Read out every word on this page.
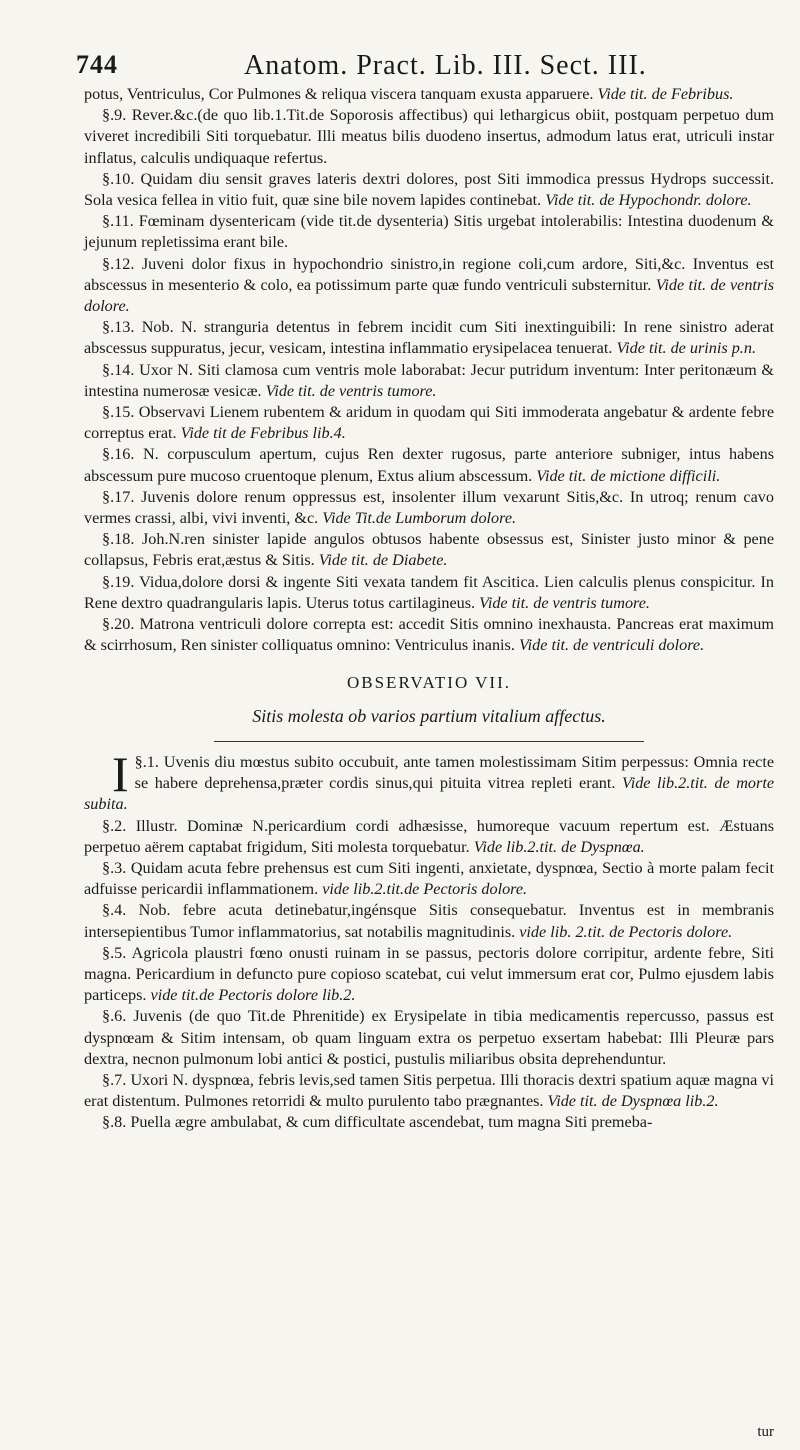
744	Anatom. Pract. Lib. III. Sect. III.

potus, Ventriculus, Cor Pulmones & reliqua viscera tanquam exusta apparuere. Vide tit. de Febribus.

§.9. Rever.&c.(de quo lib.1.Tit.de Soporosis affectibus) qui lethargicus obiit, postquam perpetuo dum viveret incredibili Siti torquebatur. Illi meatus bilis duodeno insertus, admodum latus erat, utriculi instar inflatus, calculis undiquaque refertus.

§.10. Quidam diu sensit graves lateris dextri dolores, post Siti immodica pressus Hydrops successit. Sola vesica fellea in vitio fuit, quæ sine bile novem lapides continebat. Vide tit. de Hypochondr. dolore.

§.11. Fœminam dysentericam (vide tit.de dysenteria) Sitis urgebat intolerabilis: Intestina duodenum & jejunum repletissima erant bile.

§.12. Juveni dolor fixus in hypochondrio sinistro,in regione coli,cum ardore, Siti,&c. Inventus est abscessus in mesenterio & colo, ea potissimum parte quæ fundo ventriculi substernitur. Vide tit. de ventris dolore.

§.13. Nob. N. stranguria detentus in febrem incidit cum Siti inextinguibili: In rene sinistro aderat abscessus suppuratus, jecur, vesicam, intestina inflammatio erysipelacea tenuerat. Vide tit. de urinis p.n.

§.14. Uxor N. Siti clamosa cum ventris mole laborabat: Jecur putridum inventum: Inter peritonæum & intestina numerosæ vesicæ. Vide tit. de ventris tumore.

§.15. Observavi Lienem rubentem & aridum in quodam qui Siti immoderata angebatur & ardente febre correptus erat. Vide tit de Febribus lib.4.

§.16. N. corpusculum apertum, cujus Ren dexter rugosus, parte anteriore subniger, intus habens abscessum pure mucoso cruentoque plenum, Extus alium abscessum. Vide tit. de mictione difficili.

§.17. Juvenis dolore renum oppressus est, insolenter illum vexarunt Sitis,&c. In utroq; renum cavo vermes crassi, albi, vivi inventi, &c. Vide Tit.de Lumborum dolore.

§.18. Joh.N.ren sinister lapide angulos obtusos habente obsessus est, Sinister justo minor & pene collapsus, Febris erat,æstus & Sitis. Vide tit. de Diabete.

§.19. Vidua,dolore dorsi & ingente Siti vexata tandem fit Ascitica. Lien calculis plenus conspicitur. In Rene dextro quadrangularis lapis. Uterus totus cartilagineus. Vide tit. de ventris tumore.

§.20. Matrona ventriculi dolore correpta est: accedit Sitis omnino inexhausta. Pancreas erat maximum & scirrhosum, Ren sinister colliquatus omnino: Ventriculus inanis. Vide tit. de ventriculi dolore.

OBSERVATIO VII.
Sitis molesta ob varios partium vitalium affectus.

§.1.
I Uvenis diu mœstus subito occubuit, ante tamen molestissimam Sitim perpessus: Omnia recte se habere deprehensa,præter cordis sinus,qui pituita vitrea repleti erant. Vide lib.2.tit. de morte subita.

§.2. Illustr. Dominæ N.pericardium cordi adhæsisse, humoreque vacuum repertum est. Æstuans perpetuo aërem captabat frigidum, Siti molesta torquebatur. Vide lib.2.tit. de Dyspnœa.

§.3. Quidam acuta febre prehensus est cum Siti ingenti, anxietate, dyspnœa, Sectio à morte palam fecit adfuisse pericardii inflammationem. vide lib.2.tit.de Pectoris dolore.

§.4. Nob. febre acuta detinebatur,ingénsque Sitis consequebatur. Inventus est in membranis intersepientibus Tumor inflammatorius, sat notabilis magnitudinis. vide lib. 2.tit. de Pectoris dolore.

§.5. Agricola plaustri fœno onusti ruinam in se passus, pectoris dolore corripitur, ardente febre, Siti magna. Pericardium in defuncto pure copioso scatebat, cui velut immersum erat cor, Pulmo ejusdem labis particeps. vide tit.de Pectoris dolore lib.2.

§.6. Juvenis (de quo Tit.de Phrenitide) ex Erysipelate in tibia medicamentis repercusso, passus est dyspnœam & Sitim intensam, ob quam linguam extra os perpetuo exsertam habebat: Illi Pleuræ pars dextra, necnon pulmonum lobi antici & postici, pustulis miliaribus obsita deprehenduntur.

§.7. Uxori N. dyspnœa, febris levis,sed tamen Sitis perpetua. Illi thoracis dextri spatium aquæ magna vi erat distentum. Pulmones retorridi & multo purulento tabo prægnantes. Vide tit. de Dyspnœa lib.2.

§.8. Puella ægre ambulabat, & cum difficultate ascendebat, tum magna Siti premeba-

tur
